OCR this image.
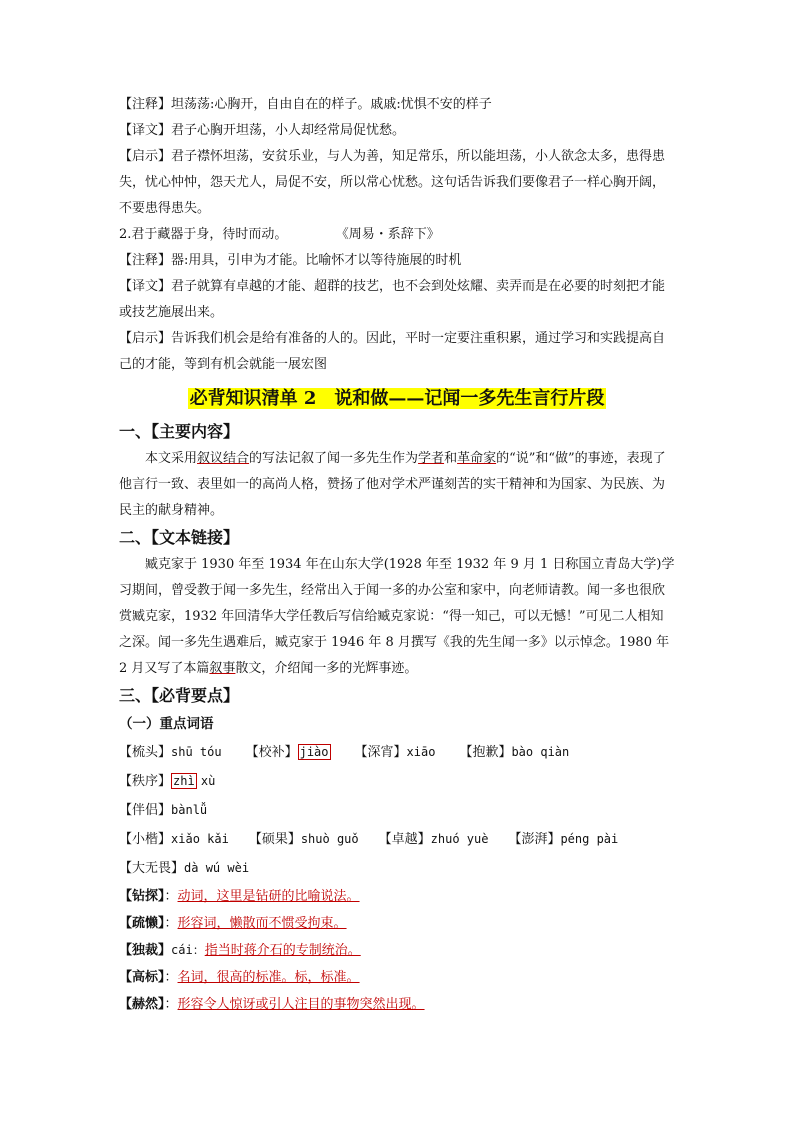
【注释】坦荡荡:心胸开，自由自在的样子。戚戚:忧惧不安的样子

【译文】君子心胸开坦荡，小人却经常局促忧愁。

【启示】君子襟怀坦荡，安贫乐业，与人为善，知足常乐，所以能坦荡，小人欲念太多，患得患失，忧心忡忡，怨天尤人，局促不安，所以常心忧愁。这句话告诉我们要像君子一样心胸开阔，不要患得患失。

2.君于藏器于身，待时而动。	《周易・系辞下》

【注释】器:用具，引申为才能。比喻怀才以等待施展的时机

【译文】君子就算有卓越的才能、超群的技艺，也不会到处炫耀、卖弄而是在必要的时刻把才能或技艺施展出来。

【启示】告诉我们机会是给有准备的人的。因此，平时一定要注重积累，通过学习和实践提高自己的才能，等到有机会就能一展宏图

必背知识清单 2　说和做——记闻一多先生言行片段

一、【主要内容】

本文采用叙议结合的写法记叙了闻一多先生作为学者和革命家的“说”和“做”的事迹，表现了他言行一致、表里如一的高尚人格，赞扬了他对学术严谨刻苦的实干精神和为国家、为民族、为民主的献身精神。

二、【文本链接】

臧克家于 1930 年至 1934 年在山东大学(1928 年至 1932 年 9 月 1 日称国立青岛大学)学习期间，曾受教于闻一多先生，经常出入于闻一多的办公室和家中，向老师请教。闻一多也很欣赏臧克家，1932 年回清华大学任教后写信给臧克家说：“得一知己，可以无憾！”可见二人相知之深。闻一多先生遇难后，臧克家于 1946 年 8 月撰写《我的先生闻一多》以示悼念。1980 年 2 月又写了本篇叙事散文，介绍闻一多的光辉事迹。

三、【必背要点】

（一）重点词语

【梳头】shū tóu 【校补】 jiào 【深宵】xiāo 【抱歉】bào qiàn
【秩序】 zhì xù
【伴侣】bànlǚ
【小楷】xiǎo kǎi 【硕果】shuò guǒ 【卓越】zhuó yuè 【澎湃】péng pài
【大无畏】dà wú wèi

【钻探】：动词，这里是钻研的比喻说法。

【疏懒】：形容词，懒散而不惯受拘束。

【独裁】cái：指当时蒋介石的专制统治。

【高标】：名词，很高的标准。标，标准。

【赫然】：形容令人惊讶或引人注目的事物突然出现。
